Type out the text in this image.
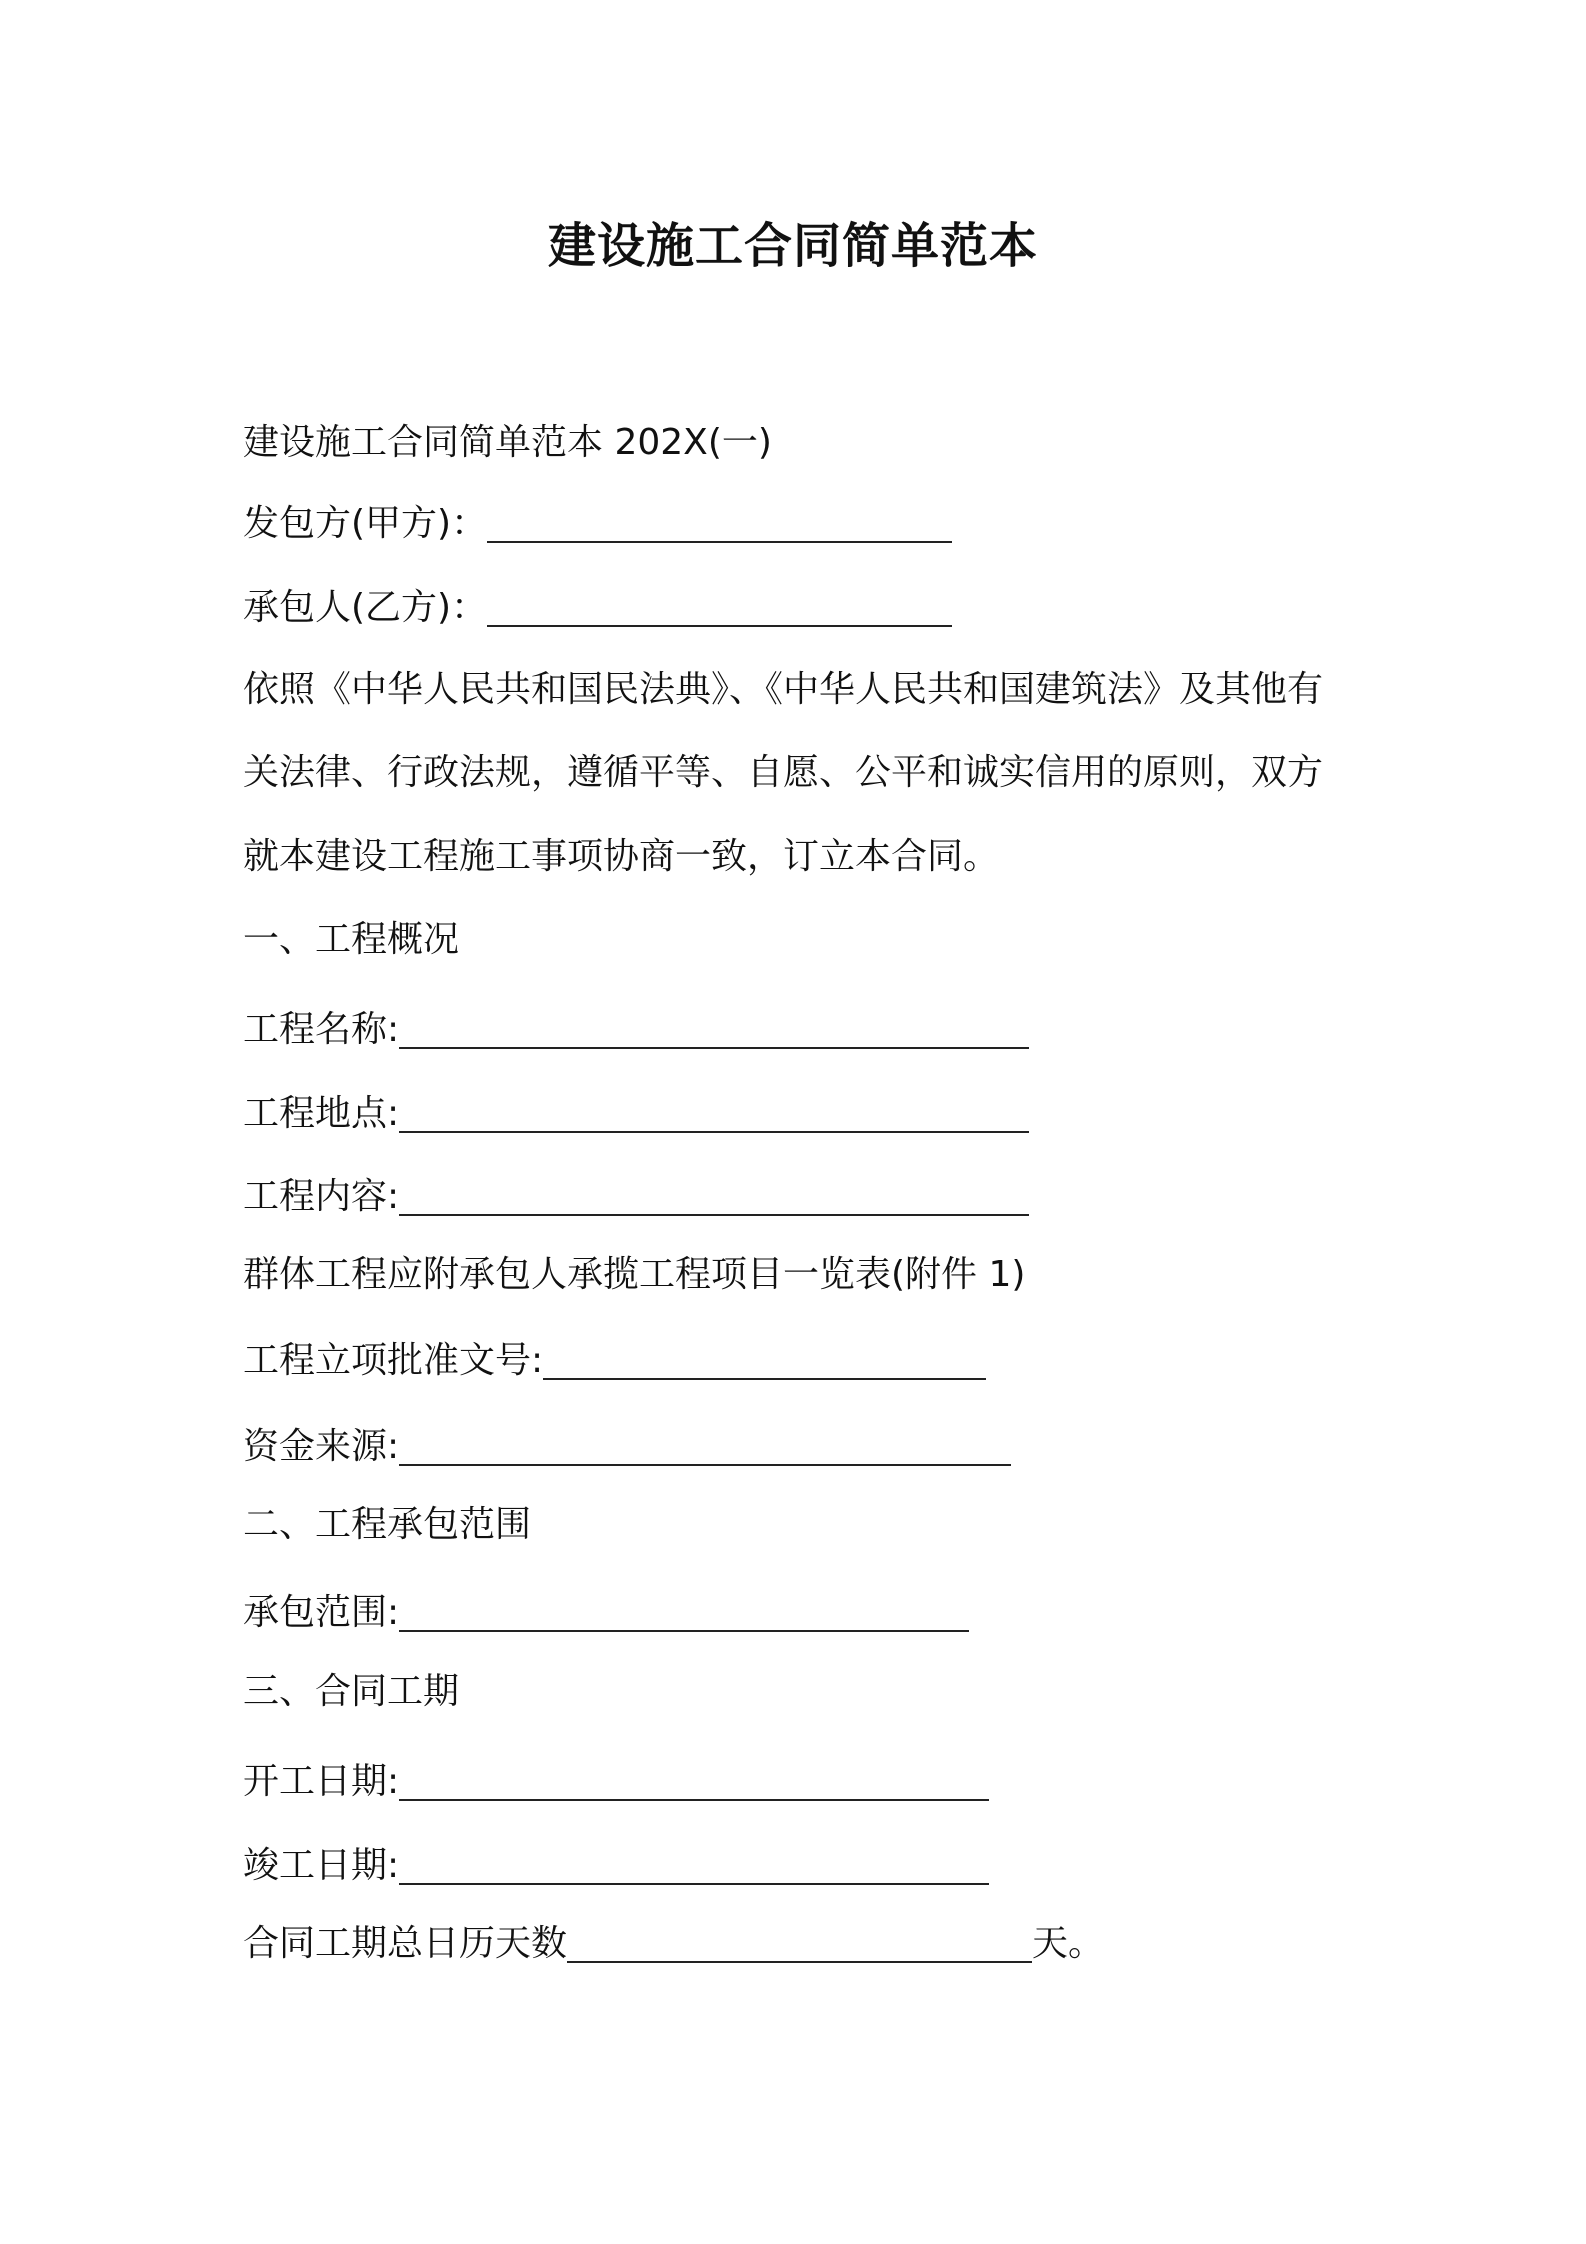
建设施工合同简单范本
建设施工合同简单范本 202X(一)
发包方(甲方)：
承包人(乙方)：
依照《中华人民共和国民法典》、《中华人民共和国建筑法》及其他有
关法律、行政法规，遵循平等、自愿、公平和诚实信用的原则，双方
就本建设工程施工事项协商一致，订立本合同。
一、工程概况
工程名称:
工程地点:
工程内容:
群体工程应附承包人承揽工程项目一览表(附件 1)
工程立项批准文号:
资金来源:
二、工程承包范围
承包范围:
三、合同工期
开工日期:
竣工日期:
合同工期总日历天数	天。
